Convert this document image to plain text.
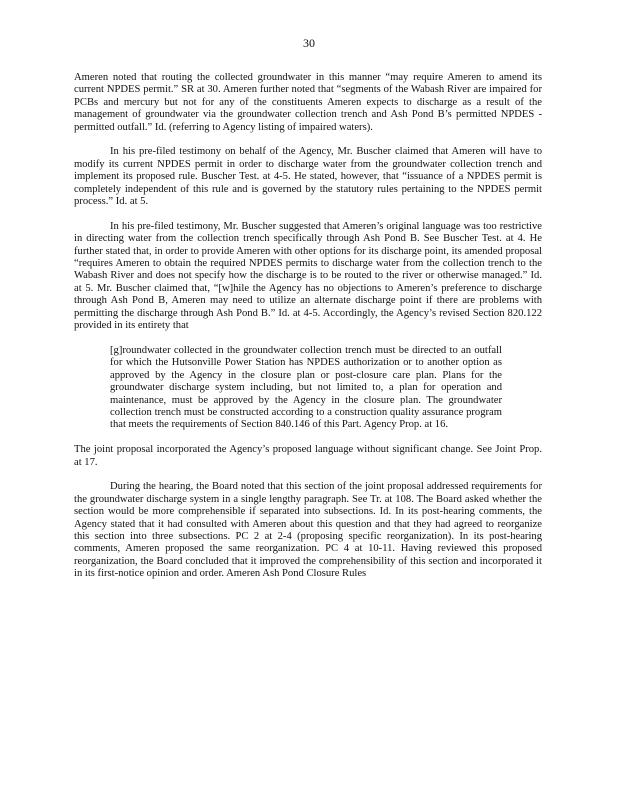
30

Ameren noted that routing the collected groundwater in this manner “may require Ameren to amend its current NPDES permit.” SR at 30. Ameren further noted that “segments of the Wabash River are impaired for PCBs and mercury but not for any of the constituents Ameren expects to discharge as a result of the management of groundwater via the groundwater collection trench and Ash Pond B’s permitted NPDES - permitted outfall.” Id. (referring to Agency listing of impaired waters).

In his pre-filed testimony on behalf of the Agency, Mr. Buscher claimed that Ameren will have to modify its current NPDES permit in order to discharge water from the groundwater collection trench and implement its proposed rule. Buscher Test. at 4-5. He stated, however, that “issuance of a NPDES permit is completely independent of this rule and is governed by the statutory rules pertaining to the NPDES permit process.” Id. at 5.

In his pre-filed testimony, Mr. Buscher suggested that Ameren’s original language was too restrictive in directing water from the collection trench specifically through Ash Pond B. See Buscher Test. at 4. He further stated that, in order to provide Ameren with other options for its discharge point, its amended proposal “requires Ameren to obtain the required NPDES permits to discharge water from the collection trench to the Wabash River and does not specify how the discharge is to be routed to the river or otherwise managed.” Id. at 5. Mr. Buscher claimed that, “[w]hile the Agency has no objections to Ameren’s preference to discharge through Ash Pond B, Ameren may need to utilize an alternate discharge point if there are problems with permitting the discharge through Ash Pond B.” Id. at 4-5. Accordingly, the Agency’s revised Section 820.122 provided in its entirety that

[g]roundwater collected in the groundwater collection trench must be directed to an outfall for which the Hutsonville Power Station has NPDES authorization or to another option as approved by the Agency in the closure plan or post-closure care plan. Plans for the groundwater discharge system including, but not limited to, a plan for operation and maintenance, must be approved by the Agency in the closure plan. The groundwater collection trench must be constructed according to a construction quality assurance program that meets the requirements of Section 840.146 of this Part. Agency Prop. at 16.

The joint proposal incorporated the Agency’s proposed language without significant change. See Joint Prop. at 17.

During the hearing, the Board noted that this section of the joint proposal addressed requirements for the groundwater discharge system in a single lengthy paragraph. See Tr. at 108. The Board asked whether the section would be more comprehensible if separated into subsections. Id. In its post-hearing comments, the Agency stated that it had consulted with Ameren about this question and that they had agreed to reorganize this section into three subsections. PC 2 at 2-4 (proposing specific reorganization). In its post-hearing comments, Ameren proposed the same reorganization. PC 4 at 10-11. Having reviewed this proposed reorganization, the Board concluded that it improved the comprehensibility of this section and incorporated it in its first-notice opinion and order. Ameren Ash Pond Closure Rules
